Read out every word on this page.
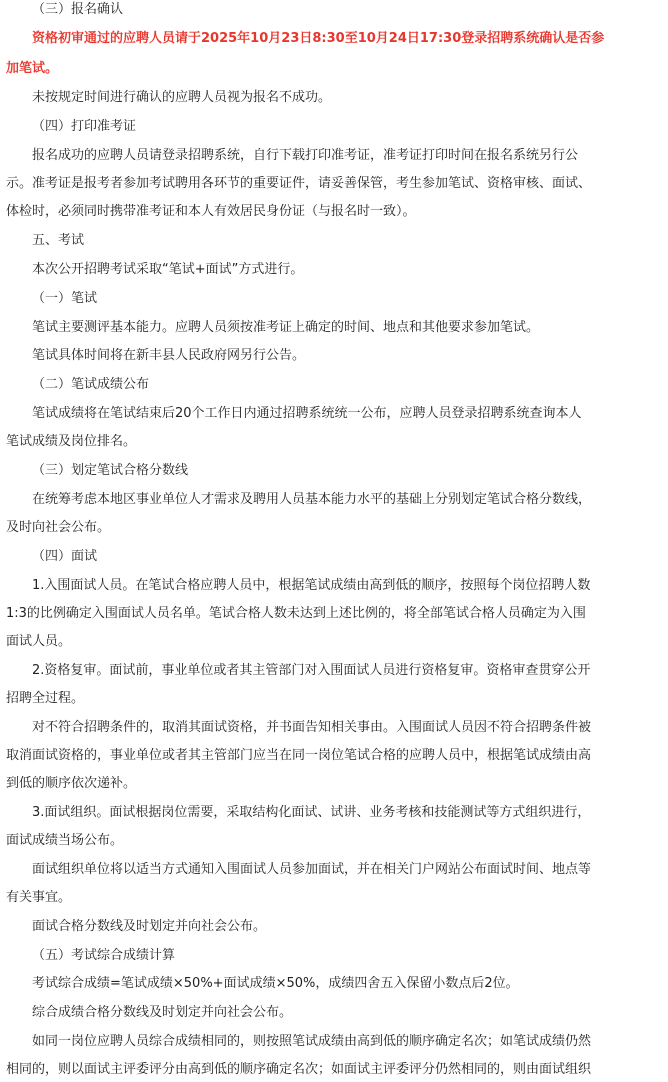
（三）报名确认
资格初审通过的应聘人员请于2025年10月23日8:30至10月24日17:30登录招聘系统确认是否参
加笔试。
未按规定时间进行确认的应聘人员视为报名不成功。
（四）打印准考证
报名成功的应聘人员请登录招聘系统，自行下载打印准考证，准考证打印时间在报名系统另行公
示。准考证是报考者参加考试聘用各环节的重要证件，请妥善保管，考生参加笔试、资格审核、面试、
体检时，必须同时携带准考证和本人有效居民身份证（与报名时一致）。
五、考试
本次公开招聘考试采取“笔试+面试”方式进行。
（一）笔试
笔试主要测评基本能力。应聘人员须按准考证上确定的时间、地点和其他要求参加笔试。
笔试具体时间将在新丰县人民政府网另行公告。
（二）笔试成绩公布
笔试成绩将在笔试结束后20个工作日内通过招聘系统统一公布，应聘人员登录招聘系统查询本人
笔试成绩及岗位排名。
（三）划定笔试合格分数线
在统筹考虑本地区事业单位人才需求及聘用人员基本能力水平的基础上分别划定笔试合格分数线，
及时向社会公布。
（四）面试
1.入围面试人员。在笔试合格应聘人员中，根据笔试成绩由高到低的顺序，按照每个岗位招聘人数
1:3的比例确定入围面试人员名单。笔试合格人数未达到上述比例的，将全部笔试合格人员确定为入围
面试人员。
2.资格复审。面试前，事业单位或者其主管部门对入围面试人员进行资格复审。资格审查贯穿公开
招聘全过程。
对不符合招聘条件的，取消其面试资格，并书面告知相关事由。入围面试人员因不符合招聘条件被
取消面试资格的，事业单位或者其主管部门应当在同一岗位笔试合格的应聘人员中，根据笔试成绩由高
到低的顺序依次递补。
3.面试组织。面试根据岗位需要，采取结构化面试、试讲、业务考核和技能测试等方式组织进行，
面试成绩当场公布。
面试组织单位将以适当方式通知入围面试人员参加面试，并在相关门户网站公布面试时间、地点等
有关事宜。
面试合格分数线及时划定并向社会公布。
（五）考试综合成绩计算
考试综合成绩=笔试成绩×50%+面试成绩×50%，成绩四舍五入保留小数点后2位。
综合成绩合格分数线及时划定并向社会公布。
如同一岗位应聘人员综合成绩相同的，则按照笔试成绩由高到低的顺序确定名次；如笔试成绩仍然
相同的，则以面试主评委评分由高到低的顺序确定名次；如面试主评委评分仍然相同的，则由面试组织
